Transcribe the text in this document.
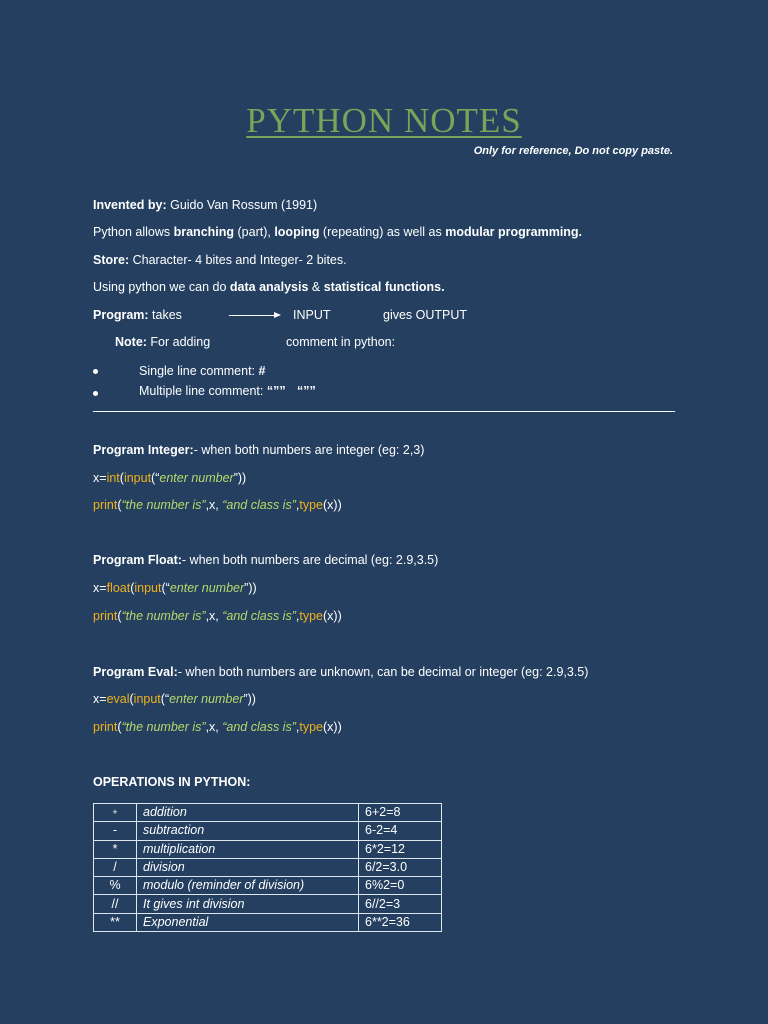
PYTHON NOTES
Only for reference, Do not copy paste.
Invented by: Guido Van Rossum (1991)
Python allows branching (part), looping (repeating) as well as modular programming.
Store: Character- 4 bites and Integer- 2 bites.
Using python we can do data analysis & statistical functions.
Program: takes	INPUT	gives OUTPUT
Note: For adding	comment in python:
Single line comment: #
Multiple line comment: “”” “””
Program Integer:- when both numbers are integer (eg: 2,3)
x=int(input(“enter number”))
print(“the number is”,x, “and class is”,type(x))
Program Float:- when both numbers are decimal (eg: 2.9,3.5)
x=float(input(“enter number”))
print(“the number is”,x, “and class is”,type(x))
Program Eval:- when both numbers are unknown, can be decimal or integer (eg: 2.9,3.5)
x=eval(input(“enter number”))
print(“the number is”,x, “and class is”,type(x))
OPERATIONS IN PYTHON:
+	addition	6+2=8
-	subtraction	6-2=4
*	multiplication	6*2=12
/	division	6/2=3.0
%	modulo (reminder of division)	6%2=0
//	It gives int division	6//2=3
**	Exponential	6**2=36
